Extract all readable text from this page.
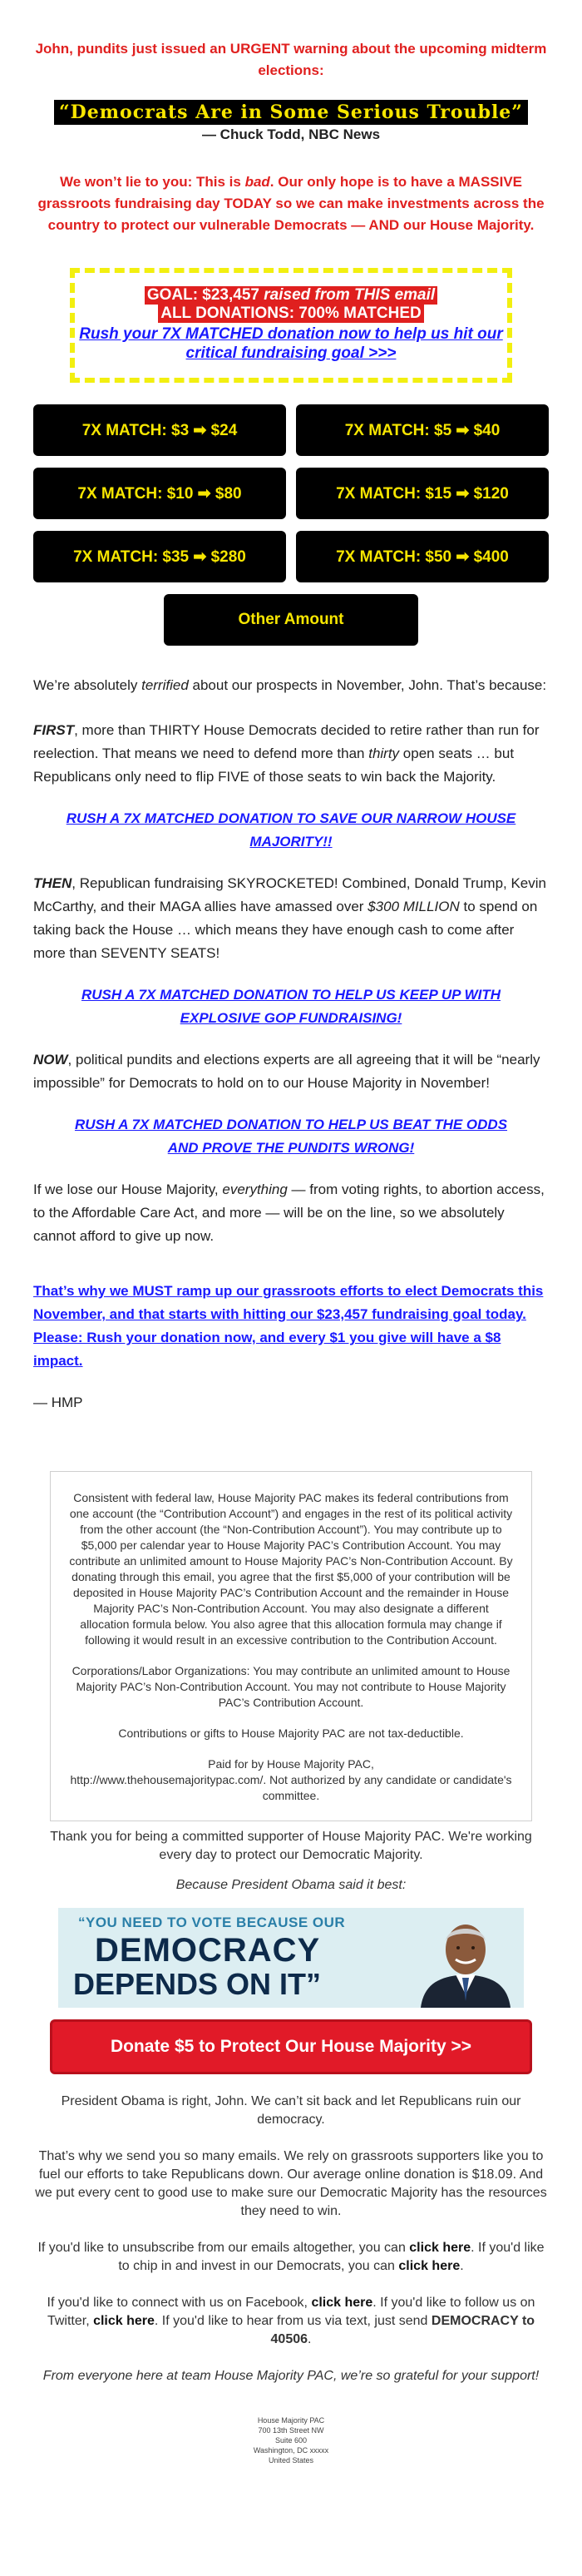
John, pundits just issued an URGENT warning about the upcoming midterm elections:
“Democrats Are in Some Serious Trouble”
— Chuck Todd, NBC News
We won’t lie to you: This is bad. Our only hope is to have a MASSIVE grassroots fundraising day TODAY so we can make investments across the country to protect our vulnerable Democrats — AND our House Majority.
GOAL: $23,457 raised from THIS email
ALL DONATIONS: 700% MATCHED
Rush your 7X MATCHED donation now to help us hit our critical fundraising goal >>>
7X MATCH: $3 ➡ $24	7X MATCH: $5 ➡ $40
7X MATCH: $10 ➡ $80	7X MATCH: $15 ➡ $120
7X MATCH: $35 ➡ $280	7X MATCH: $50 ➡ $400
Other Amount

We’re absolutely terrified about our prospects in November, John. That’s because:

FIRST, more than THIRTY House Democrats decided to retire rather than run for reelection. That means we need to defend more than thirty open seats … but Republicans only need to flip FIVE of those seats to win back the Majority.

RUSH A 7X MATCHED DONATION TO SAVE OUR NARROW HOUSE MAJORITY!!

THEN, Republican fundraising SKYROCKETED! Combined, Donald Trump, Kevin McCarthy, and their MAGA allies have amassed over $300 MILLION to spend on taking back the House … which means they have enough cash to come after more than SEVENTY SEATS!

RUSH A 7X MATCHED DONATION TO HELP US KEEP UP WITH EXPLOSIVE GOP FUNDRAISING!

NOW, political pundits and elections experts are all agreeing that it will be “nearly impossible” for Democrats to hold on to our House Majority in November!

RUSH A 7X MATCHED DONATION TO HELP US BEAT THE ODDS AND PROVE THE PUNDITS WRONG!

If we lose our House Majority, everything — from voting rights, to abortion access, to the Affordable Care Act, and more — will be on the line, so we absolutely cannot afford to give up now.

That’s why we MUST ramp up our grassroots efforts to elect Democrats this November, and that starts with hitting our $23,457 fundraising goal today. Please: Rush your donation now, and every $1 you give will have a $8 impact.

— HMP

Consistent with federal law, House Majority PAC makes its federal contributions from one account (the “Contribution Account”) and engages in the rest of its political activity from the other account (the “Non-Contribution Account”). You may contribute up to $5,000 per calendar year to House Majority PAC’s Contribution Account. You may contribute an unlimited amount to House Majority PAC’s Non-Contribution Account. By donating through this email, you agree that the first $5,000 of your contribution will be deposited in House Majority PAC’s Contribution Account and the remainder in House Majority PAC’s Non-Contribution Account. You may also designate a different allocation formula below. You also agree that this allocation formula may change if following it would result in an excessive contribution to the Contribution Account.

Corporations/Labor Organizations: You may contribute an unlimited amount to House Majority PAC’s Non-Contribution Account. You may not contribute to House Majority PAC’s Contribution Account.

Contributions or gifts to House Majority PAC are not tax-deductible.

Paid for by House Majority PAC,
http://www.thehousemajoritypac.com/. Not authorized by any candidate or candidate's committee.

Thank you for being a committed supporter of House Majority PAC. We're working every day to protect our Democratic Majority.
Because President Obama said it best:
“YOU NEED TO VOTE BECAUSE OUR
DEMOCRACY
DEPENDS ON IT”
Donate $5 to Protect Our House Majority >>
President Obama is right, John. We can’t sit back and let Republicans ruin our democracy.
That’s why we send you so many emails. We rely on grassroots supporters like you to fuel our efforts to take Republicans down. Our average online donation is $18.09. And we put every cent to good use to make sure our Democratic Majority has the resources they need to win.
If you'd like to unsubscribe from our emails altogether, you can click here. If you'd like to chip in and invest in our Democrats, you can click here.
If you'd like to connect with us on Facebook, click here. If you'd like to follow us on Twitter, click here. If you'd like to hear from us via text, just send DEMOCRACY to 40506.
From everyone here at team House Majority PAC, we’re so grateful for your support!
House Majority PAC
700 13th Street NW
Suite 600
Washington, DC xxxxx
United States
